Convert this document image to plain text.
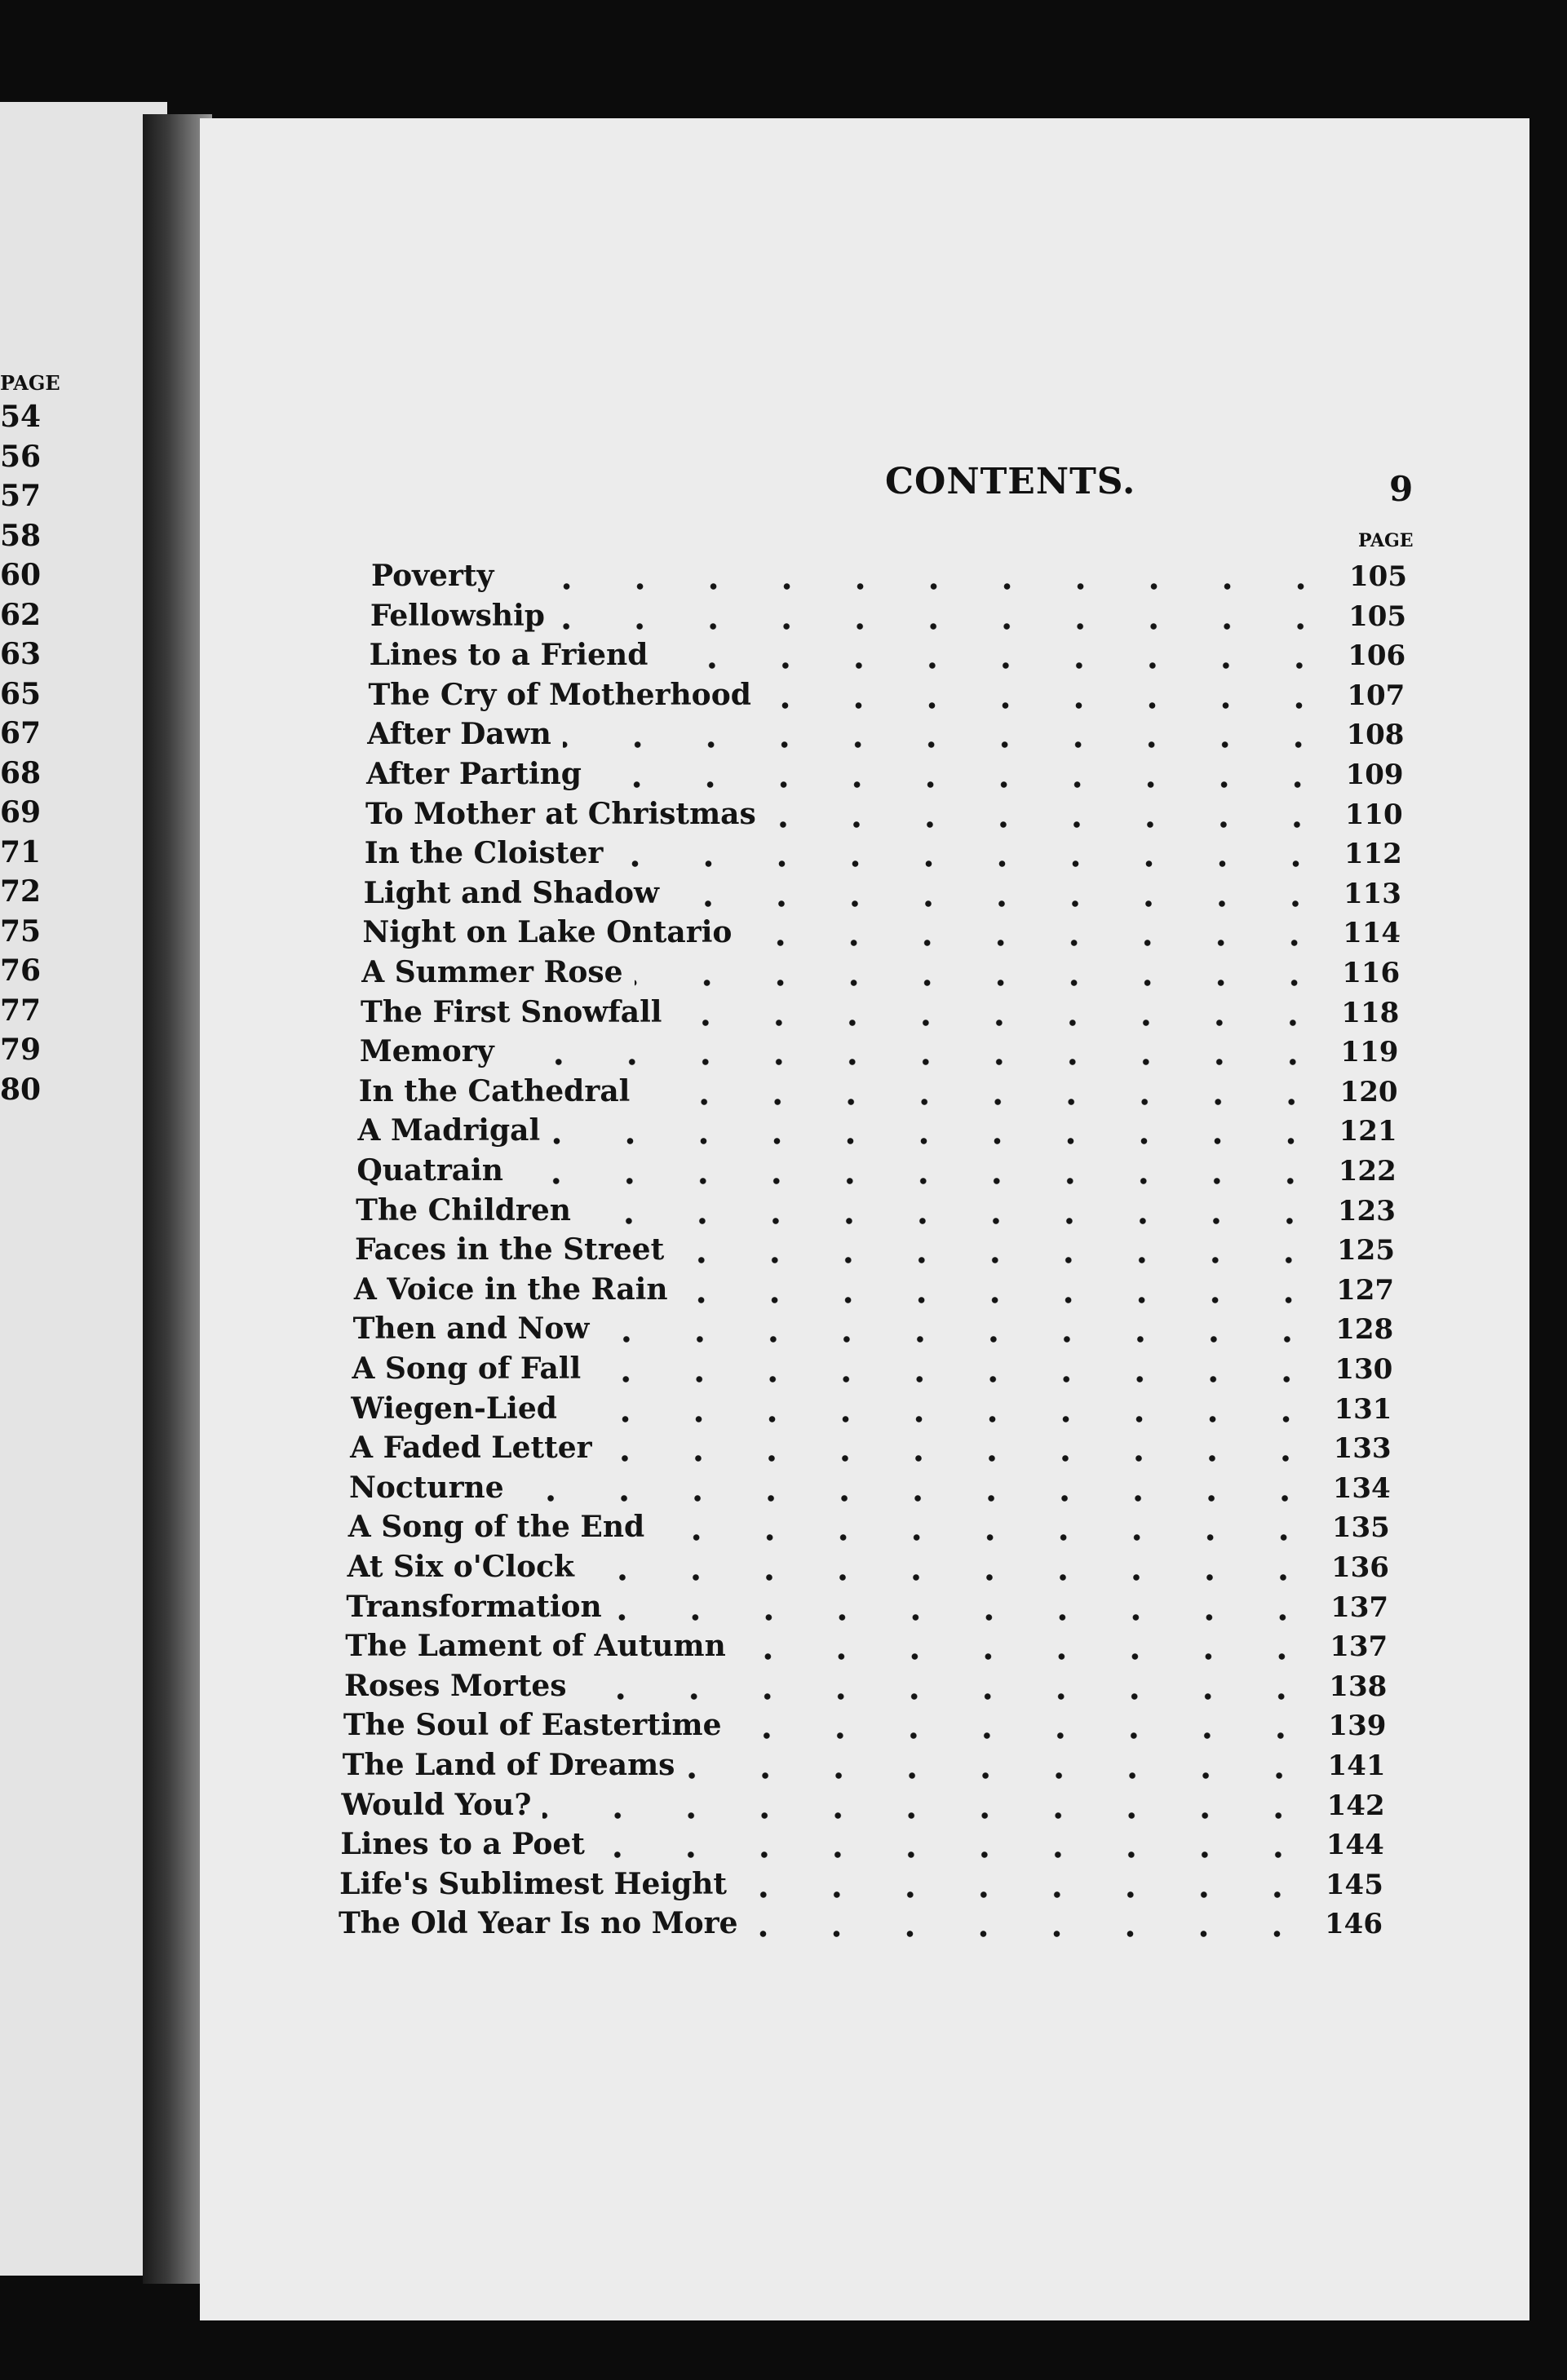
PAGE
54
56
57
58
60
62
63
65
67
68
69
71
72
75
76
77
79
80
CONTENTS.	9
PAGE
Poverty	105
Fellowship	105
Lines to a Friend	106
The Cry of Motherhood	107
After Dawn	108
After Parting	109
To Mother at Christmas	110
In the Cloister	112
Light and Shadow	113
Night on Lake Ontario	114
A Summer Rose	116
The First Snowfall	118
Memory	119
In the Cathedral	120
A Madrigal	121
Quatrain	122
The Children	123
Faces in the Street	125
A Voice in the Rain	127
Then and Now	128
A Song of Fall	130
Wiegen-Lied	131
A Faded Letter	133
Nocturne	134
A Song of the End	135
At Six o'Clock	136
Transformation	137
The Lament of Autumn	137
Roses Mortes	138
The Soul of Eastertime	139
The Land of Dreams	141
Would You?	142
Lines to a Poet	144
Life's Sublimest Height	145
The Old Year Is no More	146
